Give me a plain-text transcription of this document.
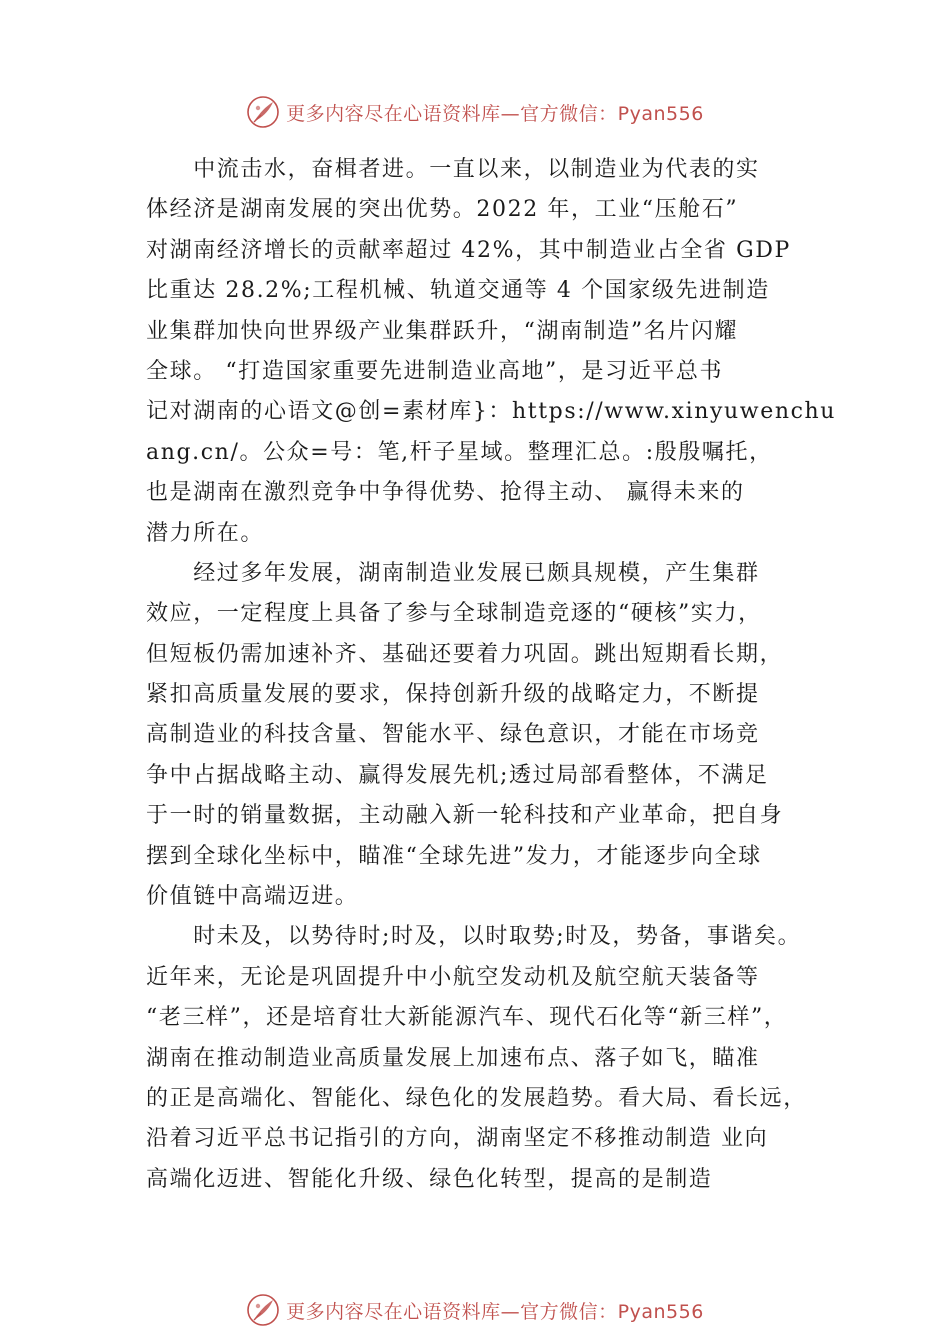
更多内容尽在心语资料库—官方微信：Pyan556
　　中流击水，奋楫者进。一直以来，以制造业为代表的实
体经济是湖南发展的突出优势。2022 年，工业“压舱石”
对湖南经济增长的贡献率超过 42%，其中制造业占全省 GDP
比重达 28.2%;工程机械、轨道交通等 4 个国家级先进制造
业集群加快向世界级产业集群跃升，“湖南制造”名片闪耀
全球。 “打造国家重要先进制造业高地”，是习近平总书
记对湖南的心语文@创=素材库}：https://www.xinyuwenchu
ang.cn/。公众=号：笔,杆子星域。整理汇总。:殷殷嘱托，
也是湖南在激烈竞争中争得优势、抢得主动、 赢得未来的
潜力所在。
　　经过多年发展，湖南制造业发展已颇具规模，产生集群
效应，一定程度上具备了参与全球制造竞逐的“硬核”实力，
但短板仍需加速补齐、基础还要着力巩固。跳出短期看长期，
紧扣高质量发展的要求，保持创新升级的战略定力，不断提
高制造业的科技含量、智能水平、绿色意识，才能在市场竞
争中占据战略主动、赢得发展先机;透过局部看整体，不满足
于一时的销量数据，主动融入新一轮科技和产业革命，把自身
摆到全球化坐标中，瞄准“全球先进”发力，才能逐步向全球
价值链中高端迈进。
　　时未及，以势待时;时及，以时取势;时及，势备，事谐矣。
近年来，无论是巩固提升中小航空发动机及航空航天装备等
“老三样”，还是培育壮大新能源汽车、现代石化等“新三样”，
湖南在推动制造业高质量发展上加速布点、落子如飞，瞄准
的正是高端化、智能化、绿色化的发展趋势。看大局、看长远，
沿着习近平总书记指引的方向，湖南坚定不移推动制造 业向
高端化迈进、智能化升级、绿色化转型，提高的是制造
更多内容尽在心语资料库—官方微信：Pyan556
